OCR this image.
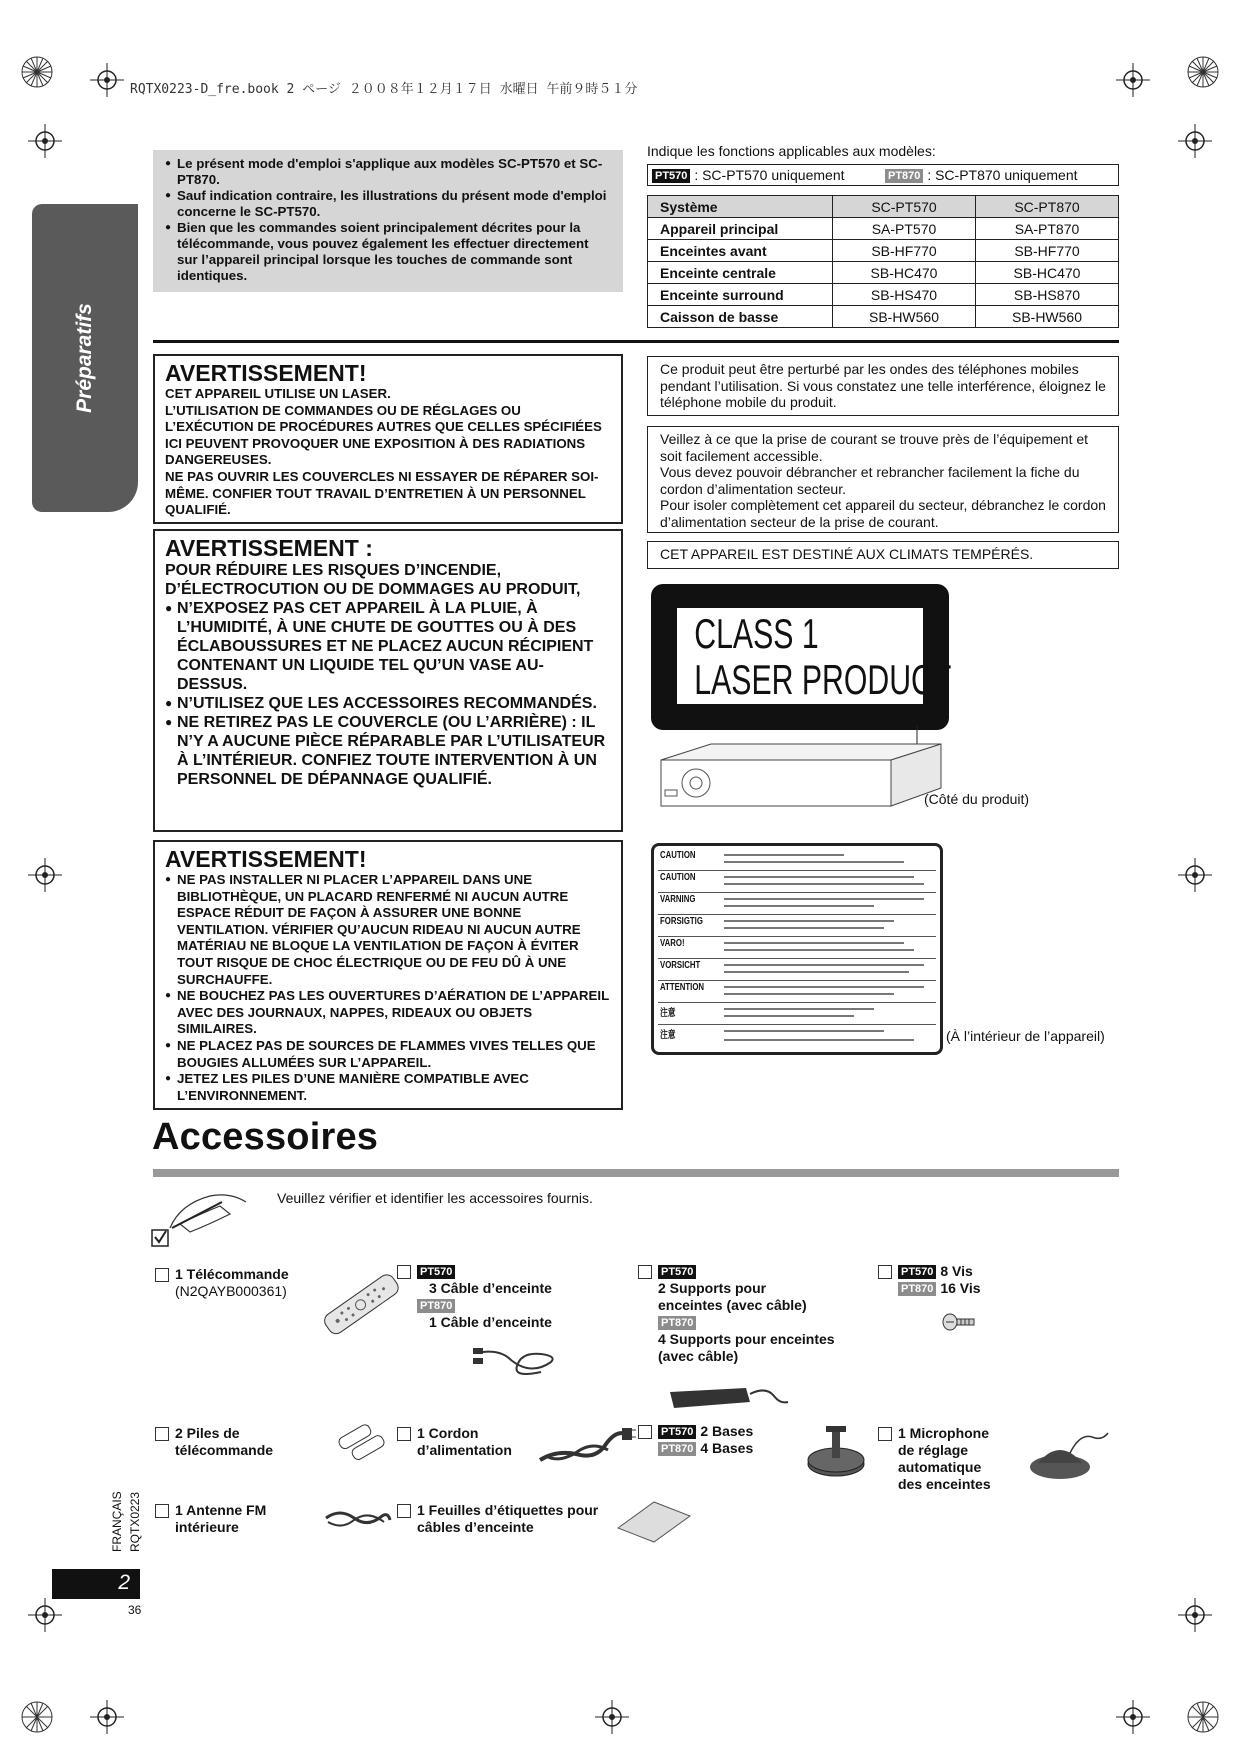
RQTX0223-D_fre.book 2 ページ ２００８年１２月１７日 水曜日 午前９時５１分
Préparatifs
● Le présent mode d'emploi s'applique aux modèles SC-PT570 et SC-PT870.
● Sauf indication contraire, les illustrations du présent mode d'emploi concerne le SC-PT570.
● Bien que les commandes soient principalement décrites pour la télécommande, vous pouvez également les effectuer directement sur l’appareil principal lorsque les touches de commande sont identiques.
Indique les fonctions applicables aux modèles:
PT570 : SC-PT570 uniquement	PT870 : SC-PT870 uniquement
Système	SC-PT570	SC-PT870
Appareil principal	SA-PT570	SA-PT870
Enceintes avant	SB-HF770	SB-HF770
Enceinte centrale	SB-HC470	SB-HC470
Enceinte surround	SB-HS470	SB-HS870
Caisson de basse	SB-HW560	SB-HW560
AVERTISSEMENT!
CET APPAREIL UTILISE UN LASER.
L’UTILISATION DE COMMANDES OU DE RÉGLAGES OU L’EXÉCUTION DE PROCÉDURES AUTRES QUE CELLES SPÉCIFIÉES ICI PEUVENT PROVOQUER UNE EXPOSITION À DES RADIATIONS DANGEREUSES.
NE PAS OUVRIR LES COUVERCLES NI ESSAYER DE RÉPARER SOI-MÊME. CONFIER TOUT TRAVAIL D’ENTRETIEN À UN PERSONNEL QUALIFIÉ.
AVERTISSEMENT :
POUR RÉDUIRE LES RISQUES D’INCENDIE, D’ÉLECTROCUTION OU DE DOMMAGES AU PRODUIT,
● N’EXPOSEZ PAS CET APPAREIL À LA PLUIE, À L’HUMIDITÉ, À UNE CHUTE DE GOUTTES OU À DES ÉCLABOUSSURES ET NE PLACEZ AUCUN RÉCIPIENT CONTENANT UN LIQUIDE TEL QU’UN VASE AU-DESSUS.
● N’UTILISEZ QUE LES ACCESSOIRES RECOMMANDÉS.
● NE RETIREZ PAS LE COUVERCLE (OU L’ARRIÈRE) : IL N’Y A AUCUNE PIÈCE RÉPARABLE PAR L’UTILISATEUR À L’INTÉRIEUR. CONFIEZ TOUTE INTERVENTION À UN PERSONNEL DE DÉPANNAGE QUALIFIÉ.
AVERTISSEMENT!
● NE PAS INSTALLER NI PLACER L’APPAREIL DANS UNE BIBLIOTHÈQUE, UN PLACARD RENFERMÉ NI AUCUN AUTRE ESPACE RÉDUIT DE FAÇON À ASSURER UNE BONNE VENTILATION. VÉRIFIER QU’AUCUN RIDEAU NI AUCUN AUTRE MATÉRIAU NE BLOQUE LA VENTILATION DE FAÇON À ÉVITER TOUT RISQUE DE CHOC ÉLECTRIQUE OU DE FEU DÛ À UNE SURCHAUFFE.
● NE BOUCHEZ PAS LES OUVERTURES D’AÉRATION DE L’APPAREIL AVEC DES JOURNAUX, NAPPES, RIDEAUX OU OBJETS SIMILAIRES.
● NE PLACEZ PAS DE SOURCES DE FLAMMES VIVES TELLES QUE BOUGIES ALLUMÉES SUR L’APPAREIL.
● JETEZ LES PILES D’UNE MANIÈRE COMPATIBLE AVEC L’ENVIRONNEMENT.
Ce produit peut être perturbé par les ondes des téléphones mobiles pendant l’utilisation. Si vous constatez une telle interférence, éloignez le téléphone mobile du produit.
Veillez à ce que la prise de courant se trouve près de l’équipement et soit facilement accessible.
Vous devez pouvoir débrancher et rebrancher facilement la fiche du cordon d’alimentation secteur.
Pour isoler complètement cet appareil du secteur, débranchez le cordon d’alimentation secteur de la prise de courant.
CET APPAREIL EST DESTINÉ AUX CLIMATS TEMPÉRÉS.
CLASS 1
LASER PRODUCT
(Côté du produit)
CAUTION
CAUTION
VARNING
FORSIGTIG
VARO!
VORSICHT
ATTENTION
注意
注意	(À l’intérieur de l’appareil)
Accessoires
Veuillez vérifier et identifier les accessoires fournis.
1 Télécommande
(N2QAYB000361)
PT570
3 Câble d’enceinte
PT870
1 Câble d’enceinte
PT570
2 Supports pour enceintes (avec câble)
PT870
4 Supports pour enceintes (avec câble)
PT570 8 Vis
PT870 16 Vis
2 Piles de
télécommande
1 Cordon
d’alimentation
PT570 2 Bases
PT870 4 Bases
1 Microphone
de réglage
automatique
des enceintes
1 Antenne FM
intérieure
1 Feuilles d’étiquettes pour
câbles d’enceinte
FRANÇAIS RQTX0223
2
36
